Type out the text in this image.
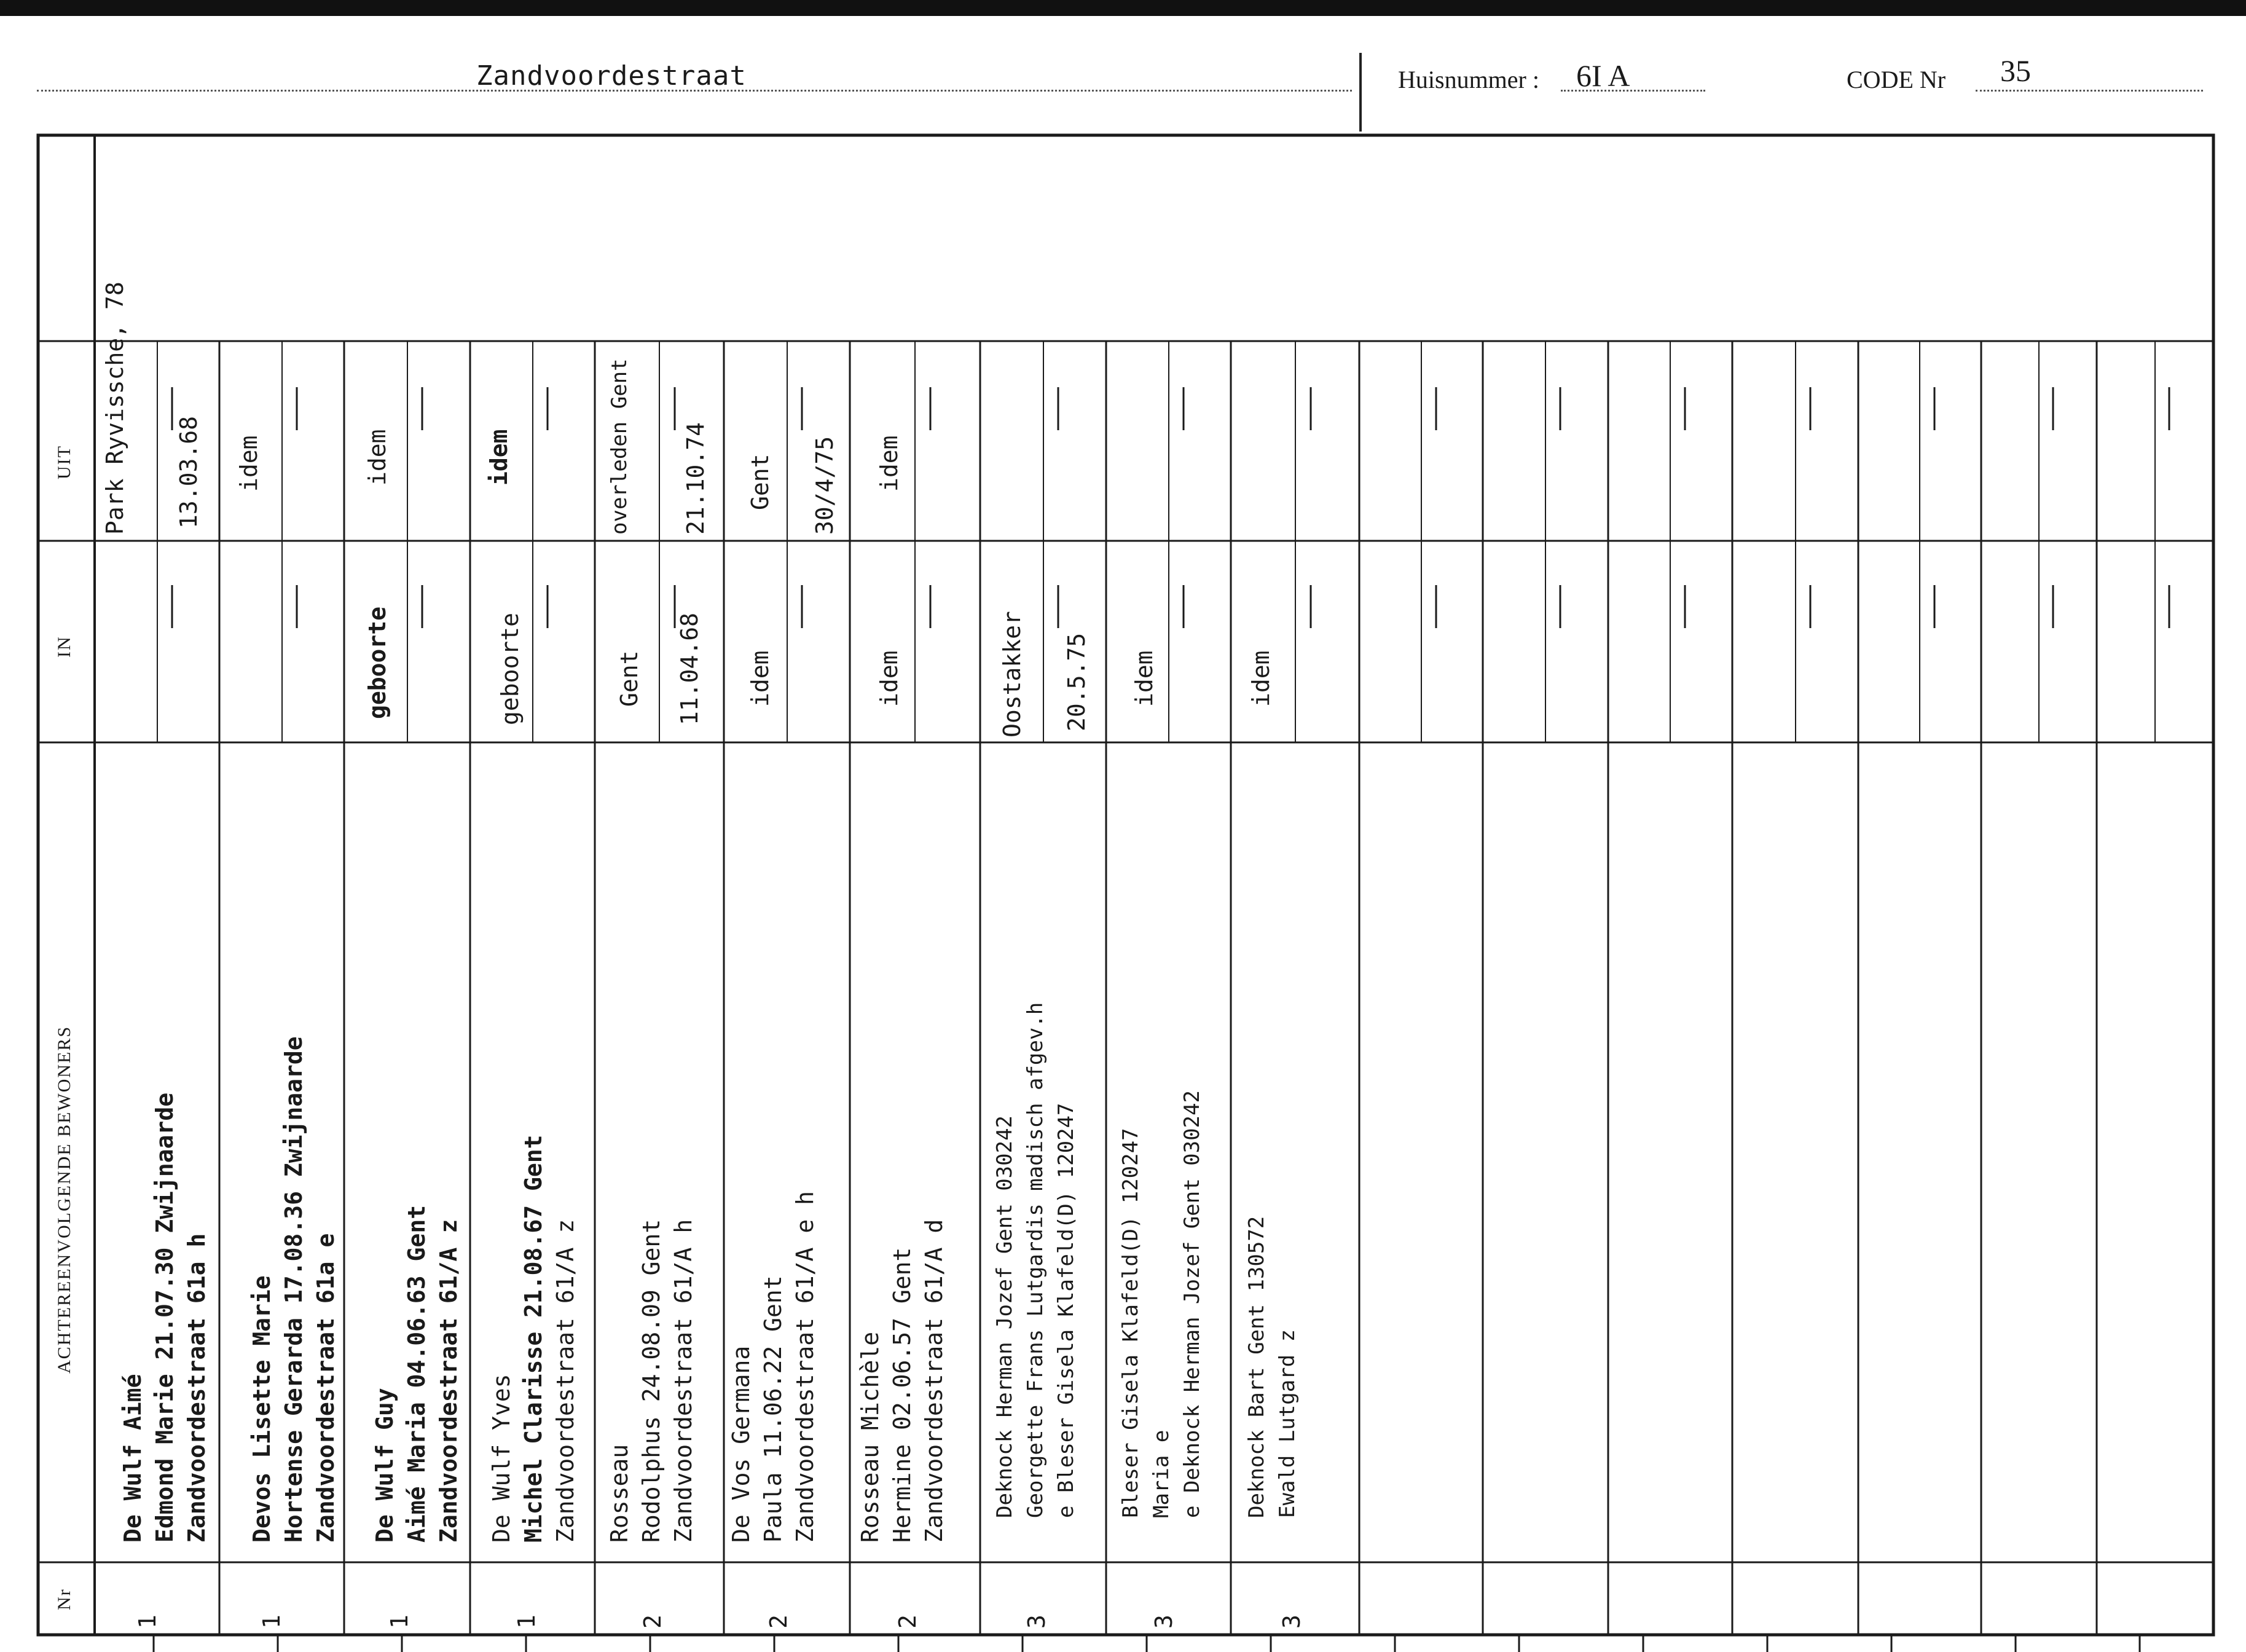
Zandvoordestraat	Huisnummer : 6I A	CODE Nr 35
UIT
IN
ACHTEREENVOLGENDE BEWONERS
Nr
1
De Wulf Aimé Edmond Marie 21.07.30 Zwijnaarde Zandvoordestraat 61a h
Park Ryvissche, 78 13.03.68
1
Devos Lisette Marie Hortense Gerarda 17.08.36 Zwijnaarde Zandvoordestraat 61a e
idem
1
De Wulf Guy Aimé Maria 04.06.63 Gent Zandvoordestraat 61/A z
geboorte
idem
1
De Wulf Yves Michel Clarisse 21.08.67 Gent Zandvoordestraat 61/A z
geboorte
idem
2
Rosseau Rodolphus 24.08.09 Gent Zandvoordestraat 61/A h
Gent 11.04.68
overleden Gent 21.10.74
2
De Vos Germana Paula 11.06.22 Gent Zandvoordestraat 61/A e h
idem
Gent 30/4/75
2
Rosseau Michèle Hermine 02.06.57 Gent Zandvoordestraat 61/A d
idem
idem
3
Deknock Herman Jozef Gent 030242 Georgette Frans Lutgardis madisch afgev.h e Bleser Gisela Klafeld(D) 120247
Oostakker 20.5.75
3
Bleser Gisela Klafeld(D) 120247 Maria e e Deknock Herman Jozef Gent 030242
idem
3
Deknock Bart Gent 130572 Ewald Lutgard z
idem
